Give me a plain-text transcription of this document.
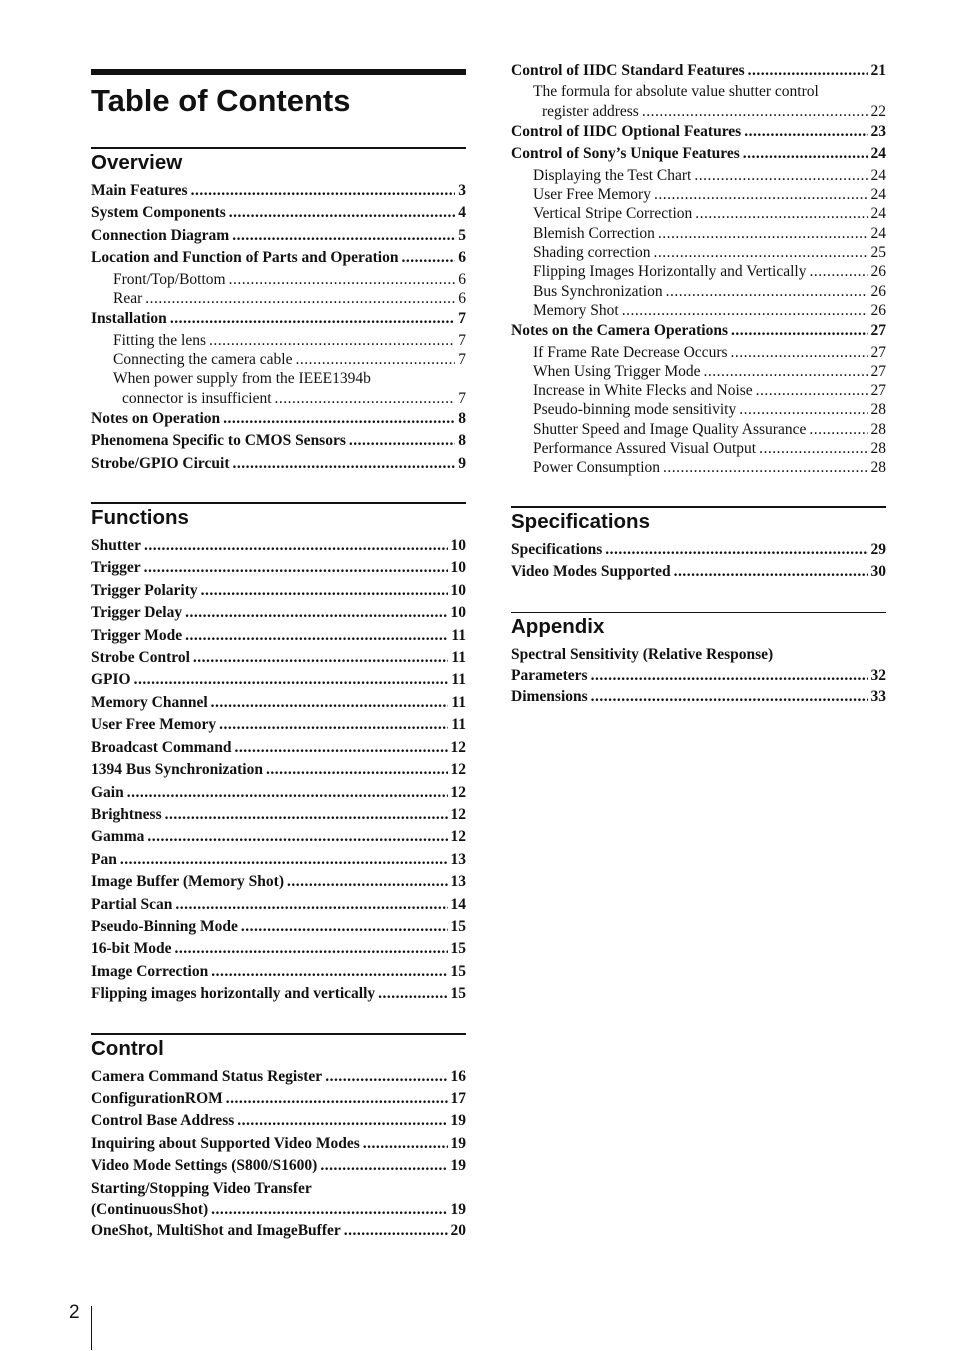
Table of Contents
Overview
Main Features .....	3
System Components .....	4
Connection Diagram .....	5
Location and Function of Parts and Operation .....	6
Front/Top/Bottom .....	6
Rear .....	6
Installation .....	7
Fitting the lens .....	7
Connecting the camera cable .....	7
When power supply from the IEEE1394b
connector is insufficient .....	7
Notes on Operation .....	8
Phenomena Specific to CMOS Sensors .....	8
Strobe/GPIO Circuit .....	9
Functions
Shutter .....	10
Trigger .....	10
Trigger Polarity .....	10
Trigger Delay .....	10
Trigger Mode .....	11
Strobe Control .....	11
GPIO .....	11
Memory Channel .....	11
User Free Memory .....	11
Broadcast Command .....	12
1394 Bus Synchronization .....	12
Gain .....	12
Brightness .....	12
Gamma .....	12
Pan .....	13
Image Buffer (Memory Shot) .....	13
Partial Scan .....	14
Pseudo-Binning Mode .....	15
16-bit Mode .....	15
Image Correction .....	15
Flipping images horizontally and vertically .....	15
Control
Camera Command Status Register .....	16
ConfigurationROM .....	17
Control Base Address .....	19
Inquiring about Supported Video Modes .....	19
Video Mode Settings (S800/S1600) .....	19
Starting/Stopping Video Transfer
(ContinuousShot) .....	19
OneShot, MultiShot and ImageBuffer .....	20
Control of IIDC Standard Features .....	21
The formula for absolute value shutter control
register address .....	22
Control of IIDC Optional Features .....	23
Control of Sony’s Unique Features .....	24
Displaying the Test Chart .....	24
User Free Memory .....	24
Vertical Stripe Correction .....	24
Blemish Correction .....	24
Shading correction .....	25
Flipping Images Horizontally and Vertically .....	26
Bus Synchronization .....	26
Memory Shot .....	26
Notes on the Camera Operations .....	27
If Frame Rate Decrease Occurs .....	27
When Using Trigger Mode .....	27
Increase in White Flecks and Noise .....	27
Pseudo-binning mode sensitivity .....	28
Shutter Speed and Image Quality Assurance .....	28
Performance Assured Visual Output .....	28
Power Consumption .....	28
Specifications
Specifications .....	29
Video Modes Supported .....	30
Appendix
Spectral Sensitivity (Relative Response)
Parameters .....	32
Dimensions .....	33
2
